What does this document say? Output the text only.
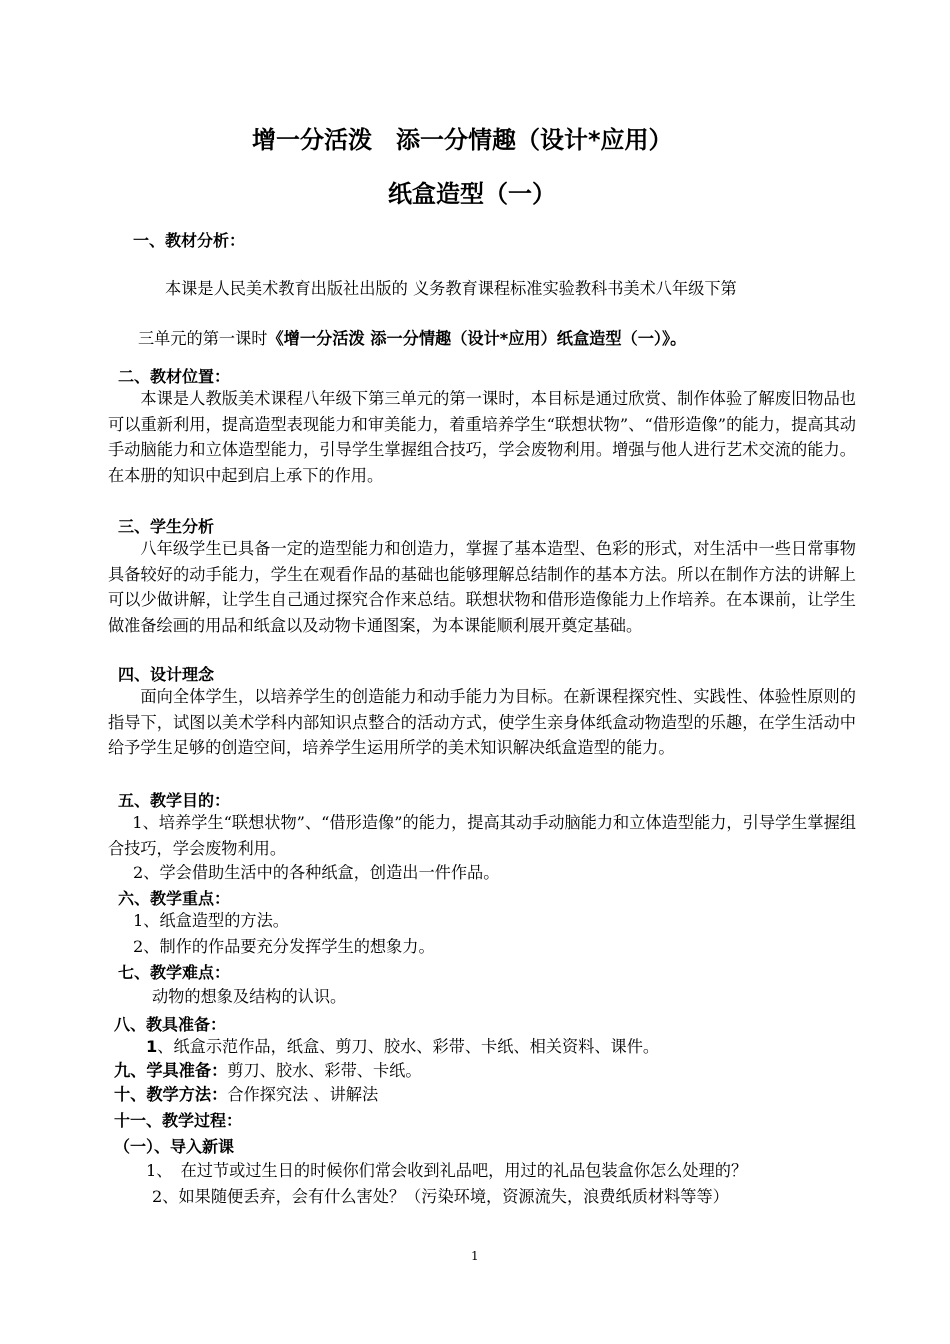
增一分活泼　添一分情趣（设计*应用）
纸盒造型（一）
一、教材分析：
本课是人民美术教育出版社出版的 义务教育课程标准实验教科书美术八年级下第
三单元的第一课时《增一分活泼 添一分情趣（设计*应用）纸盒造型（一）》。
二、教材位置：
本课是人教版美术课程八年级下第三单元的第一课时，本目标是通过欣赏、制作体验了解废旧物品也可以重新利用，提高造型表现能力和审美能力，着重培养学生“联想状物”、“借形造像”的能力，提高其动手动脑能力和立体造型能力，引导学生掌握组合技巧，学会废物利用。增强与他人进行艺术交流的能力。在本册的知识中起到启上承下的作用。
三、学生分析
八年级学生已具备一定的造型能力和创造力，掌握了基本造型、色彩的形式，对生活中一些日常事物具备较好的动手能力，学生在观看作品的基础也能够理解总结制作的基本方法。所以在制作方法的讲解上可以少做讲解，让学生自己通过探究合作来总结。联想状物和借形造像能力上作培养。在本课前，让学生做准备绘画的用品和纸盒以及动物卡通图案，为本课能顺利展开奠定基础。
四、设计理念
面向全体学生，以培养学生的创造能力和动手能力为目标。在新课程探究性、实践性、体验性原则的指导下，试图以美术学科内部知识点整合的活动方式，使学生亲身体纸盒动物造型的乐趣，在学生活动中给予学生足够的创造空间，培养学生运用所学的美术知识解决纸盒造型的能力。
五、教学目的：
1、培养学生“联想状物”、“借形造像”的能力，提高其动手动脑能力和立体造型能力，引导学生掌握组合技巧，学会废物利用。
2、学会借助生活中的各种纸盒，创造出一件作品。
六、教学重点：
1、纸盒造型的方法。
2、制作的作品要充分发挥学生的想象力。
七、教学难点：
动物的想象及结构的认识。
八、教具准备：
1、纸盒示范作品，纸盒、剪刀、胶水、彩带、卡纸、相关资料、课件。
九、学具准备：剪刀、胶水、彩带、卡纸。
十、教学方法：合作探究法 、讲解法
十一、教学过程：
（一）、导入新课
1、　在过节或过生日的时候你们常会收到礼品吧，用过的礼品包装盒你怎么处理的？
2、如果随便丢弃，会有什么害处？（污染环境，资源流失，浪费纸质材料等等）
1
